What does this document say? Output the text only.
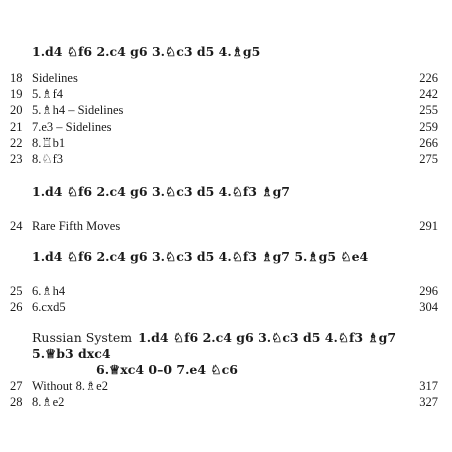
1.d4 ♘f6 2.c4 g6 3.♘c3 d5 4.♗g5
18 Sidelines	226
19 5.♗f4	242
20 5.♗h4 – Sidelines	255
21 7.e3 – Sidelines	259
22 8.♖b1	266
23 8.♘f3	275
1.d4 ♘f6 2.c4 g6 3.♘c3 d5 4.♘f3 ♗g7
24 Rare Fifth Moves	291
1.d4 ♘f6 2.c4 g6 3.♘c3 d5 4.♘f3 ♗g7 5.♗g5 ♘e4
25 6.♗h4	296
26 6.cxd5	304
Russian System 1.d4 ♘f6 2.c4 g6 3.♘c3 d5 4.♘f3 ♗g7 5.♕b3 dxc4
6.♕xc4 0–0 7.e4 ♘c6
27 Without 8.♗e2	317
28 8.♗e2	327
